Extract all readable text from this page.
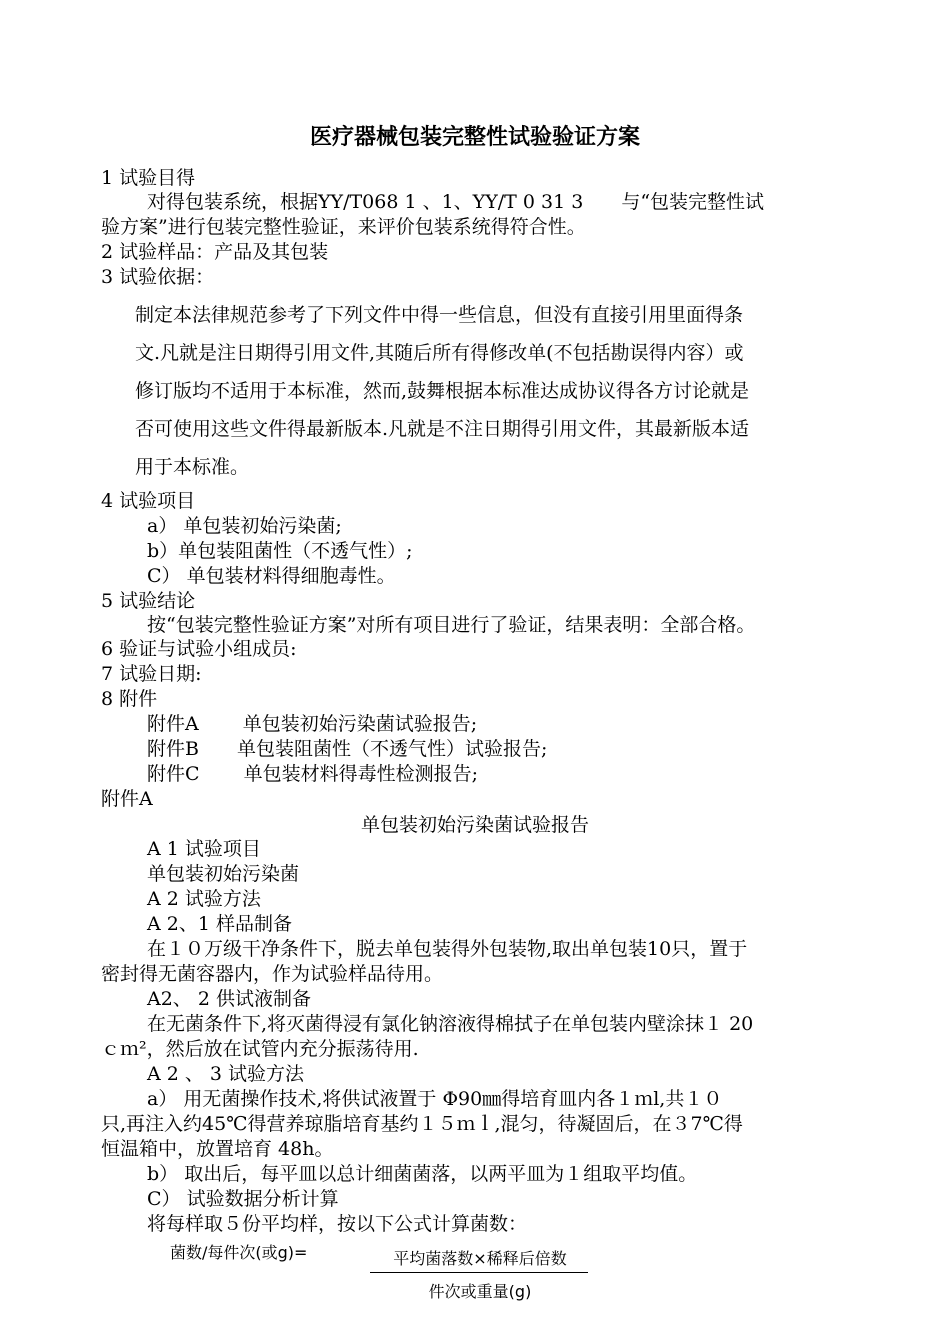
医疗器械包装完整性试验验证方案
1 试验目得
对得包装系统，根据YY/T068 1 、1、YY/T 0 31 3　　与“包装完整性试
验方案”进行包装完整性验证，来评价包装系统得符合性。
2 试验样品：产品及其包装
3 试验依据：
制定本法律规范参考了下列文件中得一些信息，但没有直接引用里面得条
文.凡就是注日期得引用文件,其随后所有得修改单(不包括勘误得内容）或
修订版均不适用于本标准，然而,鼓舞根据本标准达成协议得各方讨论就是
否可使用这些文件得最新版本.凡就是不注日期得引用文件，其最新版本适
用于本标准。
4 试验项目
a） 单包装初始污染菌;
b）单包装阻菌性（不透气性）;
C） 单包装材料得细胞毒性。
5 试验结论
按“包装完整性验证方案”对所有项目进行了验证，结果表明：全部合格。
6 验证与试验小组成员:
7 试验日期:
8 附件
附件A　　 单包装初始污染菌试验报告;
附件B　　单包装阻菌性（不透气性）试验报告;
附件C　　 单包装材料得毒性检测报告;
附件A
单包装初始污染菌试验报告
A 1 试验项目
单包装初始污染菌
A 2 试验方法
A 2、1 样品制备
在１０万级干净条件下，脱去单包装得外包装物,取出单包装10只，置于
密封得无菌容器内，作为试验样品待用。
A2、 2 供试液制备
在无菌条件下,将灭菌得浸有氯化钠溶液得棉拭子在单包装内壁涂抹１ 20
ｃｍ²，然后放在试管内充分振荡待用.
A 2 、 3 试验方法
a） 用无菌操作技术,将供试液置于 Φ90㎜得培育皿内各１ｍl,共１０
只,再注入约45℃得营养琼脂培育基约１５ｍｌ,混匀，待凝固后，在３7℃得
恒温箱中，放置培育 48h。
b） 取出后，每平皿以总计细菌菌落，以两平皿为１组取平均值。
C） 试验数据分析计算
将每样取５份平均样，按以下公式计算菌数：
菌数/每件次(或g)=	平均菌落数×稀释后倍数
件次或重量(g)
